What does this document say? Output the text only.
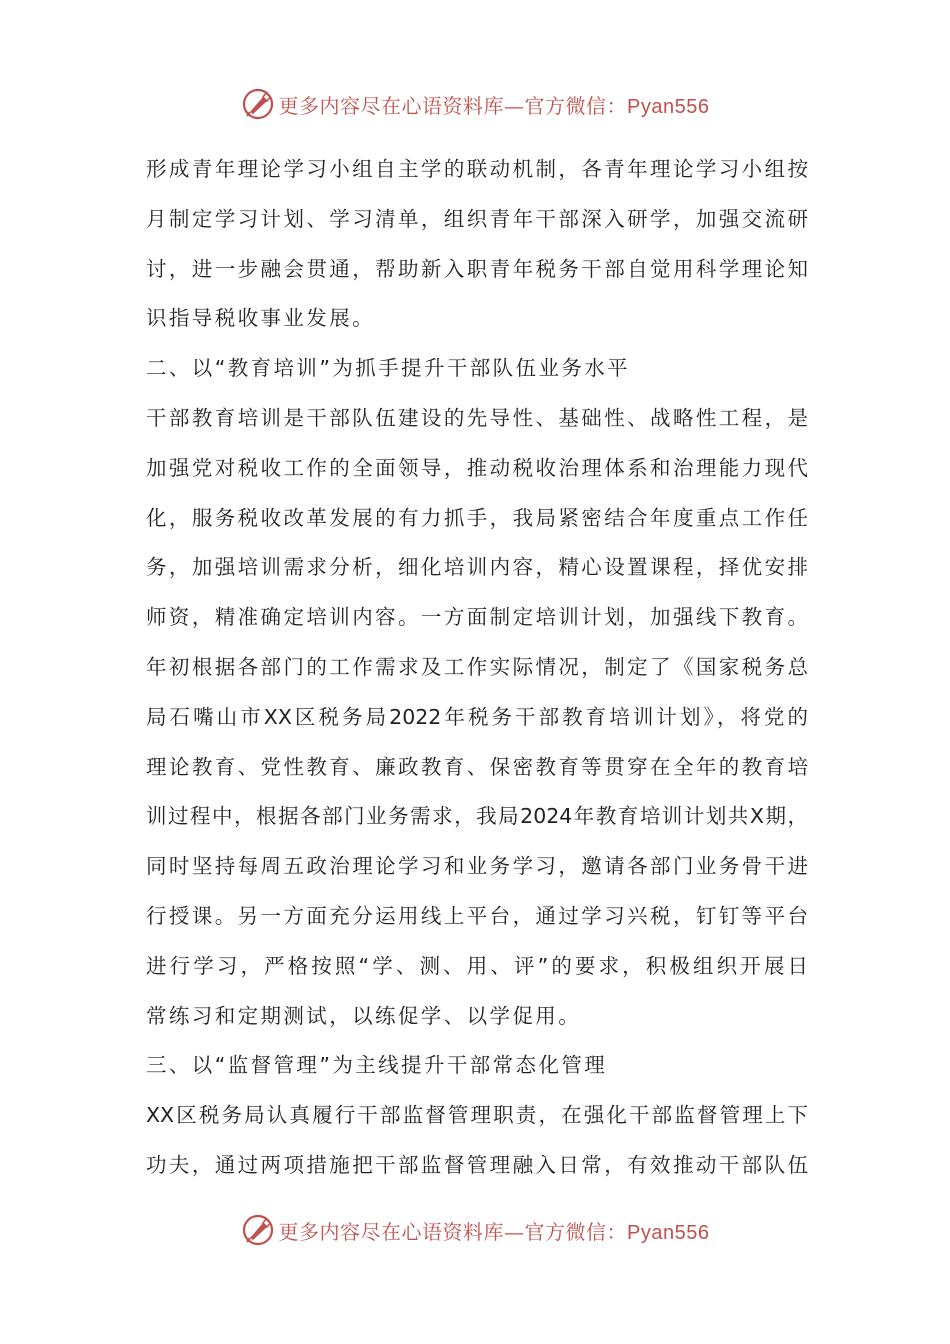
更多内容尽在心语资料库—官方微信：Pyan556
形成青年理论学习小组自主学的联动机制，各青年理论学习小组按
月制定学习计划、学习清单，组织青年干部深入研学，加强交流研
讨，进一步融会贯通，帮助新入职青年税务干部自觉用科学理论知
识指导税收事业发展。
二、以“教育培训”为抓手提升干部队伍业务水平
干部教育培训是干部队伍建设的先导性、基础性、战略性工程，是
加强党对税收工作的全面领导，推动税收治理体系和治理能力现代
化，服务税收改革发展的有力抓手，我局紧密结合年度重点工作任
务，加强培训需求分析，细化培训内容，精心设置课程，择优安排
师资，精准确定培训内容。一方面制定培训计划，加强线下教育。
年初根据各部门的工作需求及工作实际情况，制定了《国家税务总
局石嘴山市XX区税务局2022年税务干部教育培训计划》，将党的
理论教育、党性教育、廉政教育、保密教育等贯穿在全年的教育培
训过程中，根据各部门业务需求，我局2024年教育培训计划共X期，
同时坚持每周五政治理论学习和业务学习，邀请各部门业务骨干进
行授课。另一方面充分运用线上平台，通过学习兴税，钉钉等平台
进行学习，严格按照“学、测、用、评”的要求，积极组织开展日
常练习和定期测试，以练促学、以学促用。
三、以“监督管理”为主线提升干部常态化管理
XX区税务局认真履行干部监督管理职责，在强化干部监督管理上下
功夫，通过两项措施把干部监督管理融入日常，有效推动干部队伍
更多内容尽在心语资料库—官方微信：Pyan556
